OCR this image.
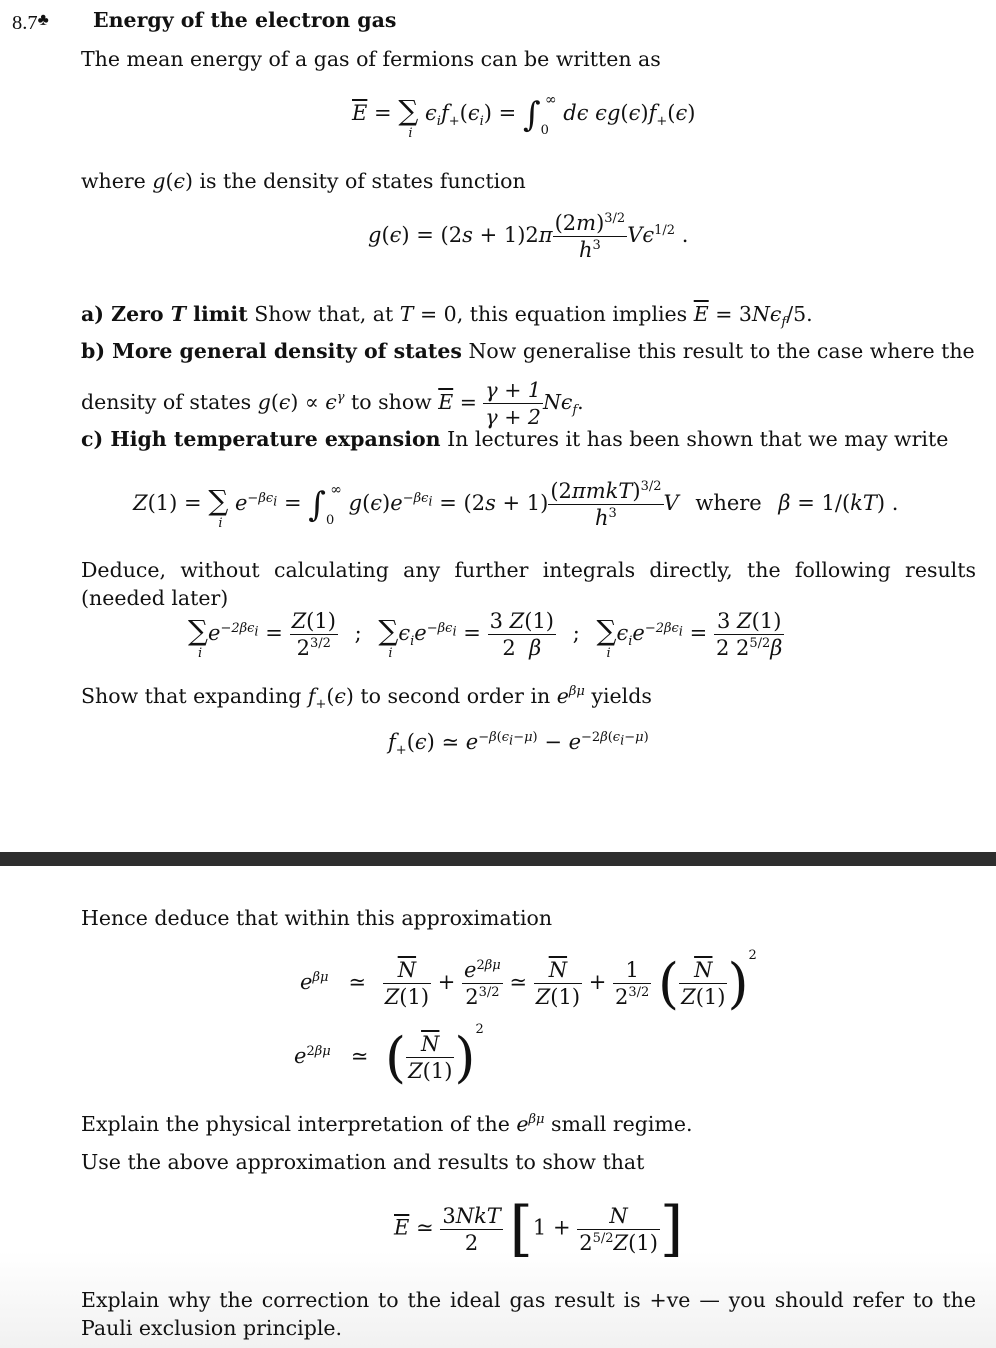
8.7♣ Energy of the electron gas
The mean energy of a gas of fermions can be written as
$\overline{E}$ = ∑
i
$\epsilon_if_+(\epsilon_i) = \int_0^\infty$ dϵ $\epsilon g(\epsilon)f_+(\epsilon)$
where g(ϵ) is the density of states function
$g(\epsilon) = (2s + 1)2\pi \frac{(2m)^{3/2}}{h^3} V\epsilon^{1/2}$ .
a) Zero T limit Show that, at T = 0, this equation implies $\overline{E} = 3N\epsilon_f/5$.
b) More general density of states Now generalise this result to the case where the
density of states $g(\epsilon) \propto \epsilon^\gamma$ to show $\overline{E} = \frac{\gamma + 1}{\gamma + 2} N\epsilon_f$.
c) High temperature expansion In lectures it has been shown that we may write
Z(1) = ∑
i
$e^{-\beta\epsilon_i} = \int_0^\infty$ $g(\epsilon)e^{-\beta\epsilon_i} = (2s + 1) \frac{(2\pi mkT)^{3/2}}{h^3}$ V where β = 1/(kT) .
Deduce, without calculating any further integrals directly, the following results (needed later)
∑
i
$e^{-2\beta\epsilon_i} = \frac{Z(1)}{2^{3/2}}$ ; ∑
i
$\epsilon_ie^{-\beta\epsilon_i} = \frac{3 Z(1)}{2 \beta}$ ; ∑
i
$\epsilon_ie^{-2\beta\epsilon_i} = \frac{3 Z(1)}{2 2^{5/2}\beta}$
Show that expanding $f_+(\epsilon)$ to second order in $e^{\beta\mu}$ yields
$f_+(\epsilon)$ ≃ $e^{-\beta(\epsilon_i-\mu)} - e^{-2\beta(\epsilon_i-\mu)}$
Hence deduce that within this approximation
$e^{\beta\mu}$ ≃ $\frac{\overline{N}}{Z(1)} + \frac{e^{2\beta\mu}}{2^{3/2}}$ ≃ $\frac{\overline{N}}{Z(1)} + \frac{1}{2^{3/2}}$ ( $\frac{\overline{N}}{Z(1)} )^2$
$e^{2\beta\mu}$ ≃ ( $\frac{\overline{N}}{Z(1)} )^2$
Explain the physical interpretation of the $e^{\beta\mu}$ small regime.
Use the above approximation and results to show that
$\overline{E}$ ≃ $\frac{\text{3NkT}}{2} [1 + \frac{N}{2^{5/2}Z(1)}$ ]
Explain why the correction to the ideal gas result is +ve — you should refer to the Pauli exclusion principle.
